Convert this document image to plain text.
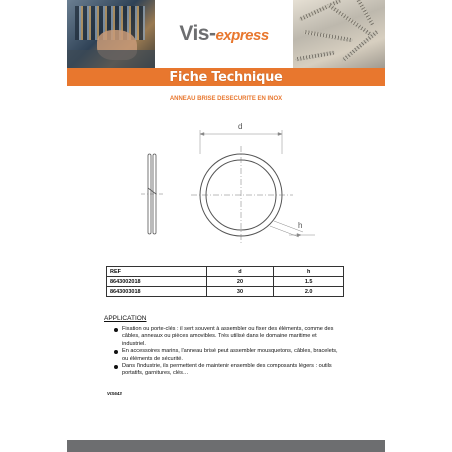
Vis-express
Fiche Technique
ANNEAU BRISE DESECURITE EN INOX
d
h
REF	d	h
8643002018	20	1.5
8643003018	30	2.0
APPLICATION
Fixation ou porte-clés : il sert souvent à assembler ou fixer des éléments, comme des câbles, anneaux ou pièces amovibles. Très utilisé dans le domaine maritime et industriel.
En accessoires marins, l'anneau brisé peut assembler mousquetons, câbles, bracelets, ou éléments de sécurité.
Dans l'industrie, ils permettent de maintenir ensemble des composants légers : outils portatifs, garnitures, clés…
VIS643
